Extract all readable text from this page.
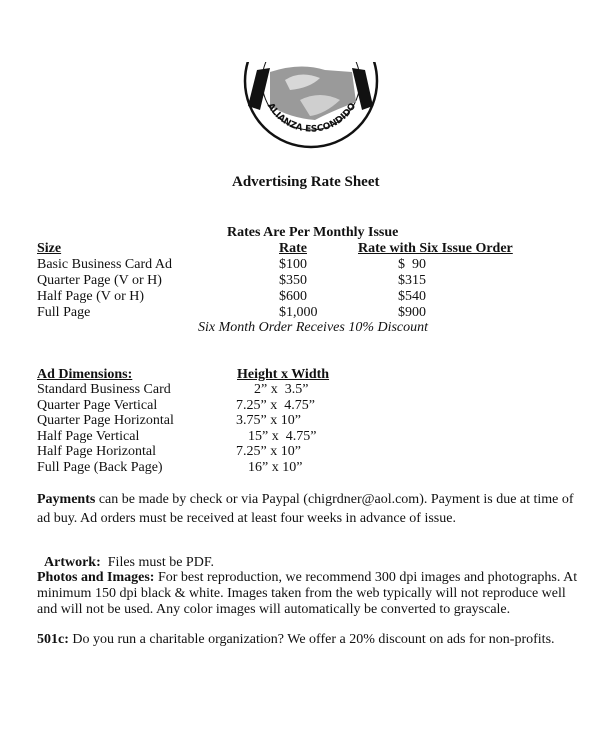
ALIANZA ESCONDIDO
Advertising Rate Sheet
Rates Are Per Monthly Issue
Size	Rate	Rate with Six Issue Order
Basic Business Card Ad	$100	$  90
Quarter Page (V or H)	$350	$315
Half Page (V or H)	$600	$540
Full Page	$1,000	$900
Six Month Order Receives 10% Discount
Ad Dimensions:	Height x Width
Standard Business Card	2” x  3.5”
Quarter Page Vertical	7.25” x  4.75”
Quarter Page Horizontal	3.75” x 10”
Half Page Vertical	15” x  4.75”
Half Page Horizontal	7.25” x 10”
Full Page (Back Page)	16” x 10”
Payments can be made by check or via Paypal (chigrdner@aol.com). Payment is due at time of ad buy. Ad orders must be received at least four weeks in advance of issue.

Artwork:  Files must be PDF.

Photos and Images: For best reproduction, we recommend 300 dpi images and photographs. At minimum 150 dpi black & white. Images taken from the web typically will not reproduce well and will not be used. Any color images will automatically be converted to grayscale.
501c: Do you run a charitable organization? We offer a 20% discount on ads for non-profits.
